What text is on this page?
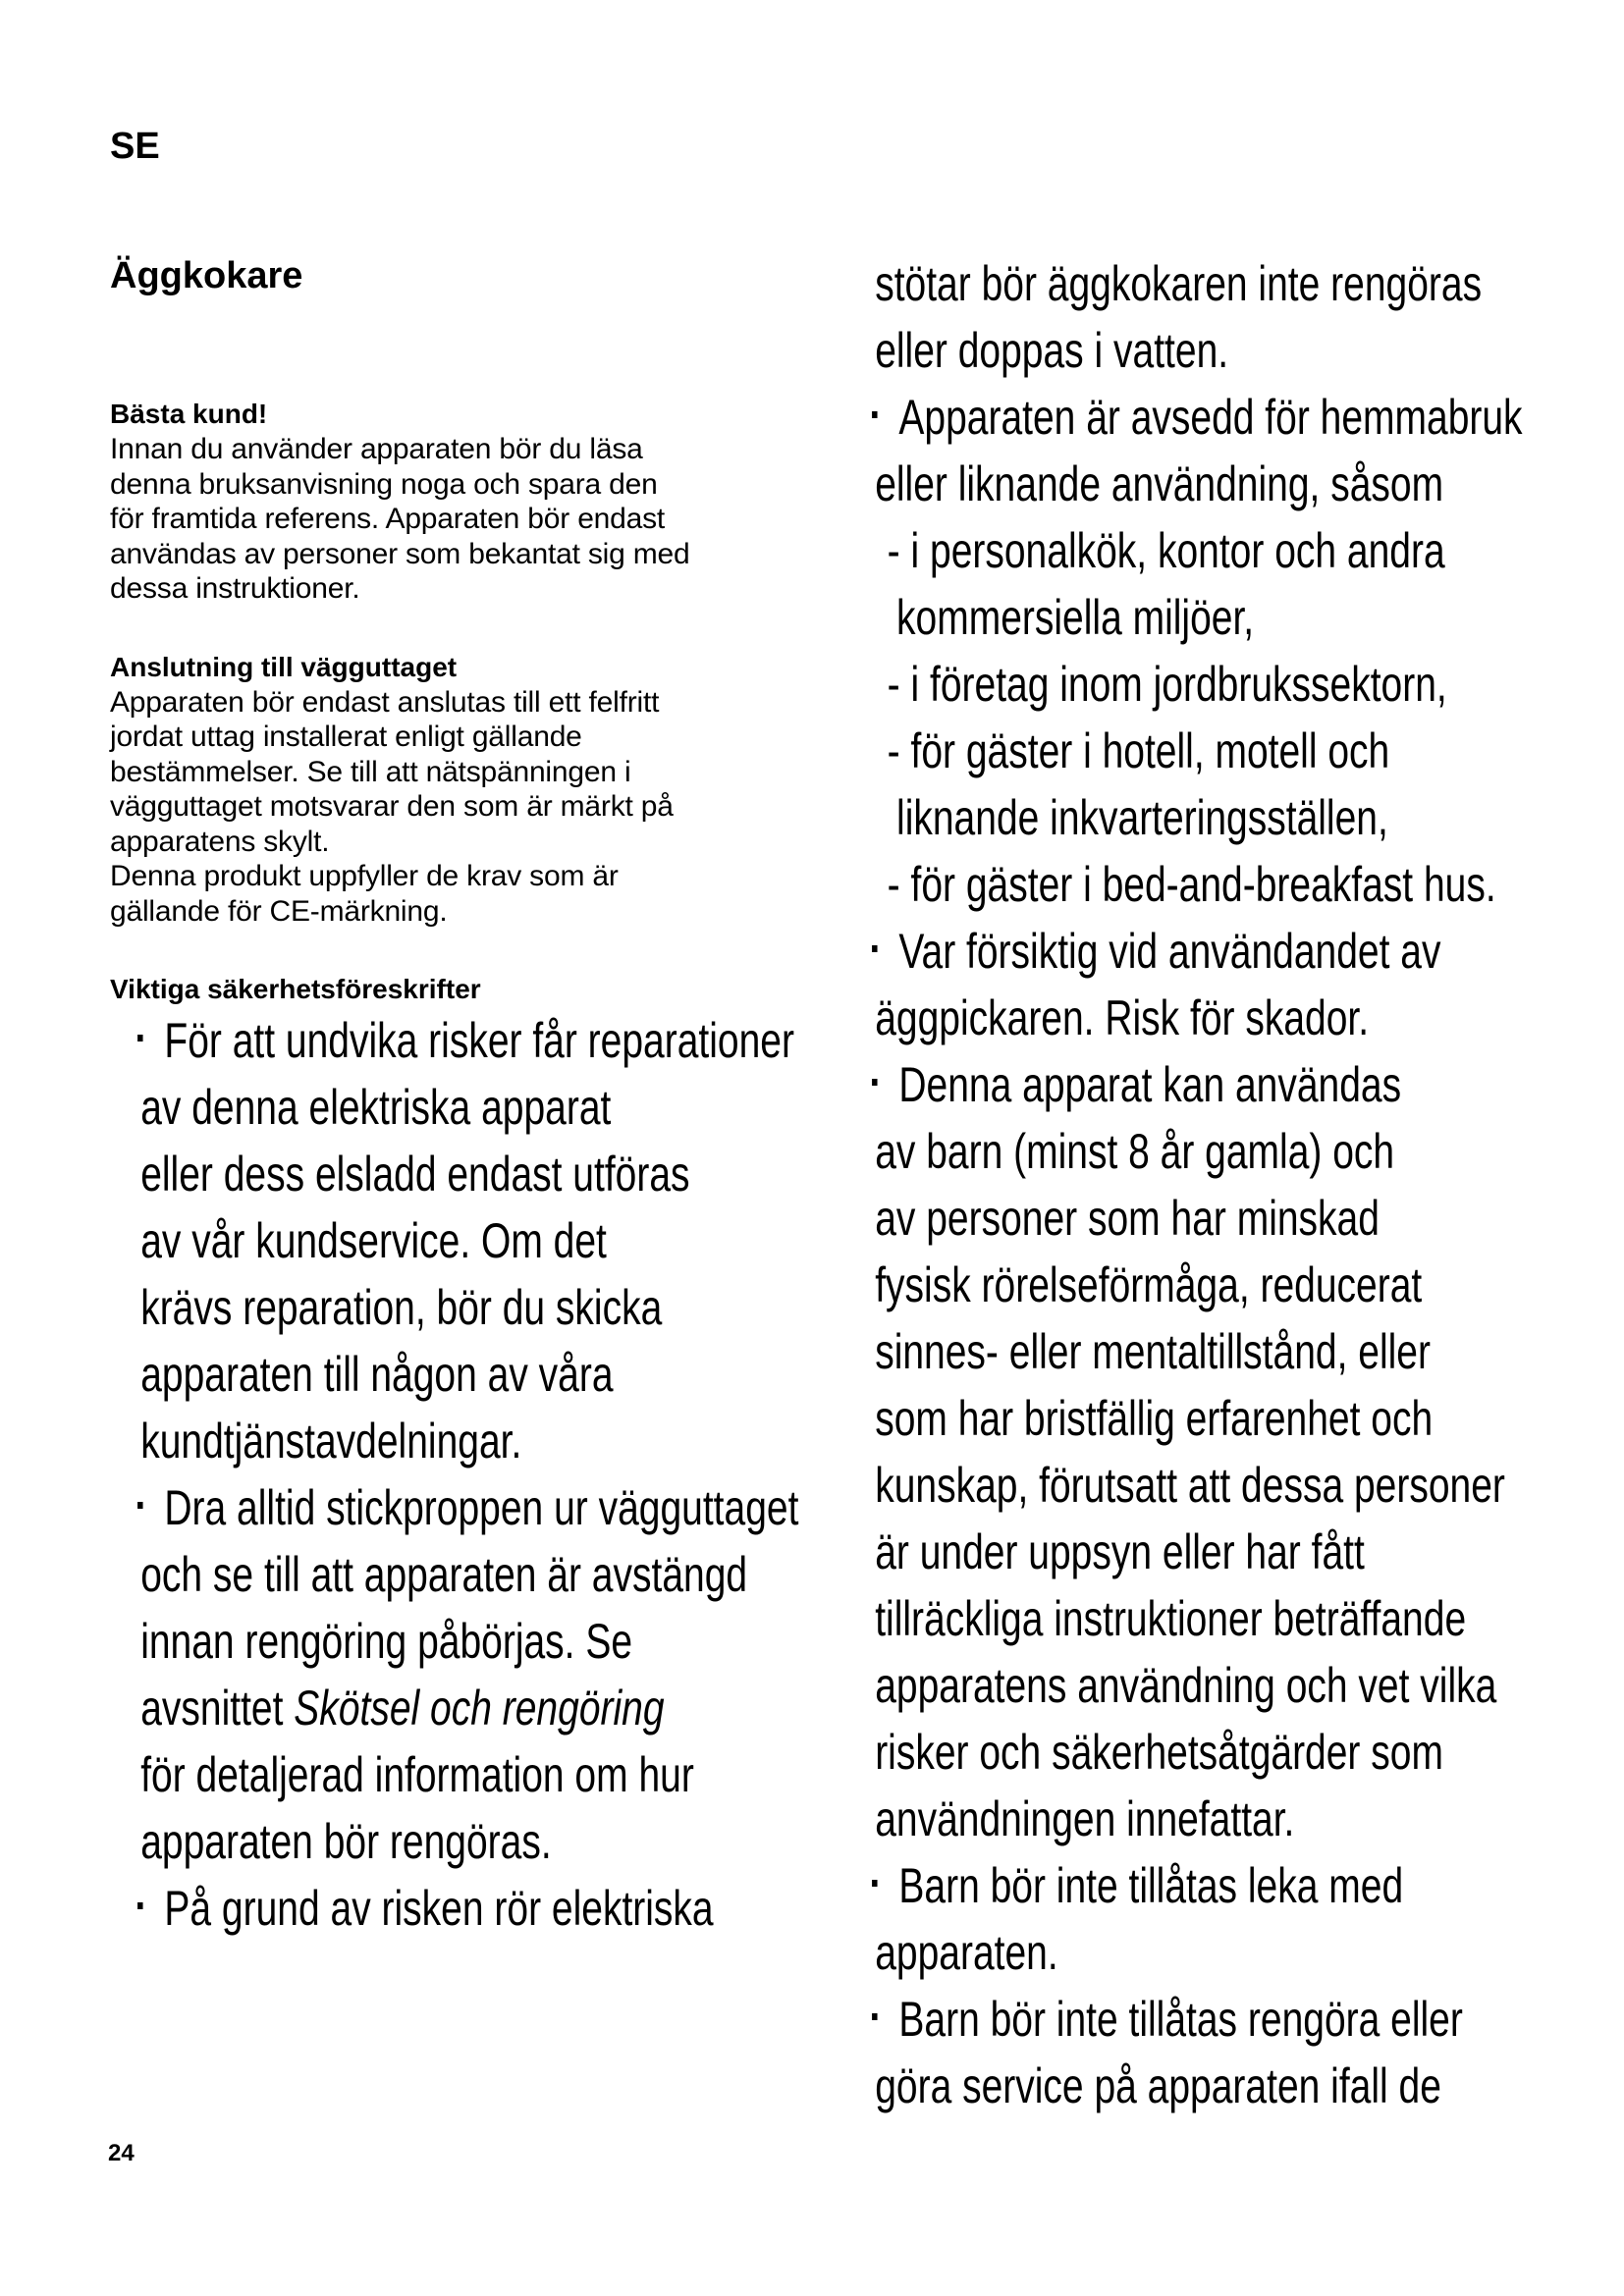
SE
Äggkokare
Bästa kund!
Innan du använder apparaten bör du läsa
denna bruksanvisning noga och spara den
för framtida referens. Apparaten bör endast
användas av personer som bekantat sig med
dessa instruktioner.
Anslutning till vägguttaget
Apparaten bör endast anslutas till ett felfritt
jordat uttag installerat enligt gällande
bestämmelser. Se till att nätspänningen i
vägguttaget motsvarar den som är märkt på
apparatens skylt.
Denna produkt uppfyller de krav som är
gällande för CE-märkning.
Viktiga säkerhetsföreskrifter
För att undvika risker får reparationer
av denna elektriska apparat
eller dess elsladd endast utföras
av vår kundservice. Om det
krävs reparation, bör du skicka
apparaten till någon av våra
kundtjänstavdelningar.
Dra alltid stickproppen ur vägguttaget
och se till att apparaten är avstängd
innan rengöring påbörjas. Se
avsnittet Skötsel och rengöring
för detaljerad information om hur
apparaten bör rengöras.
På grund av risken rör elektriska
stötar bör äggkokaren inte rengöras
eller doppas i vatten.
Apparaten är avsedd för hemmabruk
eller liknande användning, såsom
- i personalkök, kontor och andra
kommersiella miljöer,
- i företag inom jordbrukssektorn,
- för gäster i hotell, motell och
liknande inkvarteringsställen,
- för gäster i bed-and-breakfast hus.
Var försiktig vid användandet av
äggpickaren. Risk för skador.
Denna apparat kan användas
av barn (minst 8 år gamla) och
av personer som har minskad
fysisk rörelseförmåga, reducerat
sinnes- eller mentaltillstånd, eller
som har bristfällig erfarenhet och
kunskap, förutsatt att dessa personer
är under uppsyn eller har fått
tillräckliga instruktioner beträffande
apparatens användning och vet vilka
risker och säkerhetsåtgärder som
användningen innefattar.
Barn bör inte tillåtas leka med
apparaten.
Barn bör inte tillåtas rengöra eller
göra service på apparaten ifall de
24
